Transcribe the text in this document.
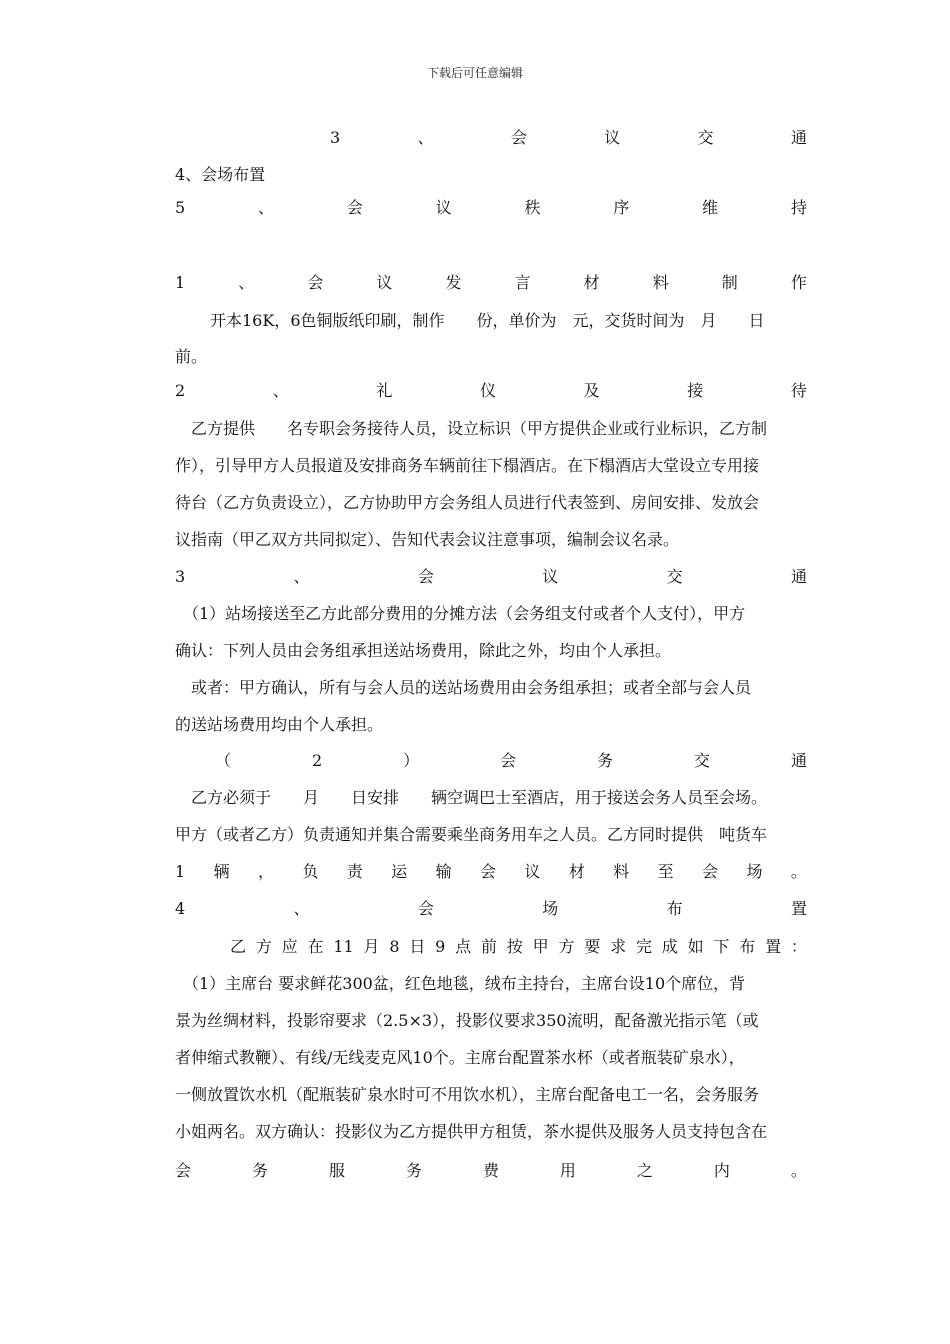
下载后可任意编辑
3	、	会	议	交	通
4、会场布置
5	、	会	议	秩	序	维	持
1	、	会	议	发	言	材	料	制	作
开本16K，6色铜版纸印刷，制作　　份，单价为　元，交货时间为　月　　日
前。
2	、	礼	仪	及	接	待
　乙方提供　　名专职会务接待人员，设立标识（甲方提供企业或行业标识，乙方制
作），引导甲方人员报道及安排商务车辆前往下榻酒店。在下榻酒店大堂设立专用接
待台（乙方负责设立），乙方协助甲方会务组人员进行代表签到、房间安排、发放会
议指南（甲乙双方共同拟定）、告知代表会议注意事项，编制会议名录。
3	、	会	议	交	通
　（1）站场接送至乙方此部分费用的分摊方法（会务组支付或者个人支付），甲方
确认：下列人员由会务组承担送站场费用，除此之外，均由个人承担。
　或者：甲方确认，所有与会人员的送站场费用由会务组承担；或者全部与会人员
的送站场费用均由个人承担。
（	2	）	会	务	交	通
　乙方必须于　　月　　日安排　　辆空调巴士至酒店，用于接送会务人员至会场。
甲方（或者乙方）负责通知并集合需要乘坐商务用车之人员。乙方同时提供　吨货车
1 辆 ， 负 责 运 输 会 议 材 料 至 会 场 。
4	、	会	场	布	置
乙 方 应 在 11 月 8 日 9 点 前 按 甲 方 要 求 完 成 如 下 布 置 ：
　（1）主席台 要求鲜花300盆，红色地毯，绒布主持台，主席台设10个席位，背
景为丝绸材料，投影帘要求（2.5×3），投影仪要求350流明，配备激光指示笔（或
者伸缩式教鞭）、有线/无线麦克风10个。主席台配置茶水杯（或者瓶装矿泉水），
一侧放置饮水机（配瓶装矿泉水时可不用饮水机），主席台配备电工一名，会务服务
小姐两名。双方确认：投影仪为乙方提供甲方租赁，茶水提供及服务人员支持包含在
会	务	服	务	费	用	之	内	。
